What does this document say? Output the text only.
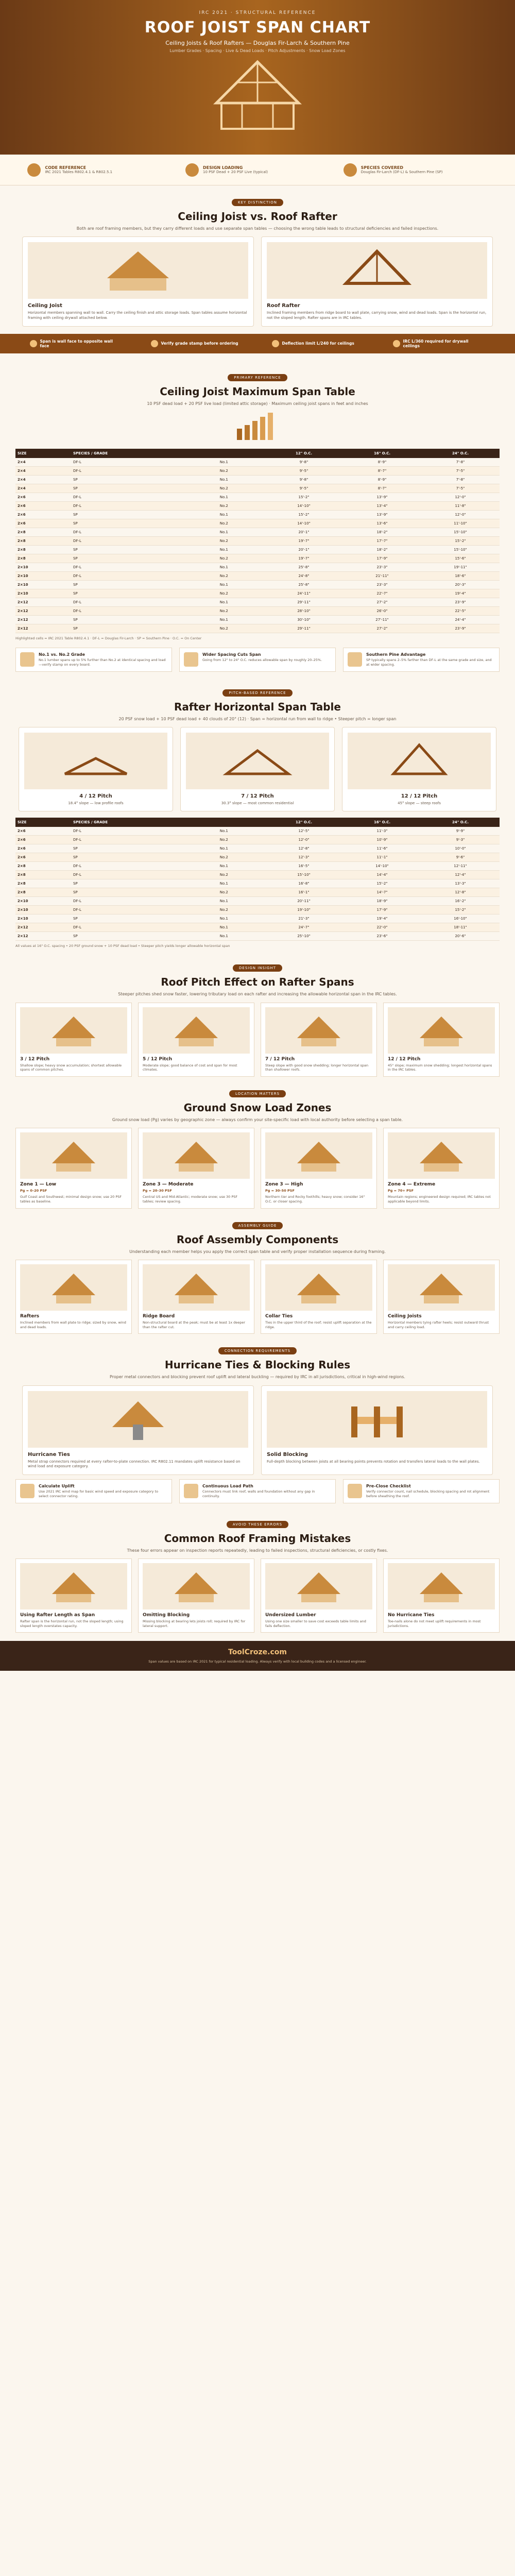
IRC 2021 · STRUCTURAL REFERENCE
ROOF JOIST SPAN CHART
Ceiling Joists & Roof Rafters — Douglas Fir-Larch & Southern Pine
Lumber Grades · Spacing · Live & Dead Loads · Pitch Adjustments · Snow Load Zones
CODE REFERENCE
IRC 2021 Tables R802.4.1 & R802.5.1
DESIGN LOADING
10 PSF Dead + 20 PSF Live (typical)
SPECIES COVERED
Douglas Fir-Larch (DF-L) & Southern Pine (SP)
KEY DISTINCTION
Ceiling Joist vs. Roof Rafter

Both are roof framing members, but they carry different loads and use separate span tables — choosing the wrong table leads to structural deficiencies and failed inspections.

Ceiling Joist

Horizontal members spanning wall to wall. Carry the ceiling finish and attic storage loads. Span tables assume horizontal framing with ceiling drywall attached below.

Roof Rafter

Inclined framing members from ridge board to wall plate, carrying snow, wind and dead loads. Span is the horizontal run, not the sloped length. Rafter spans are in IRC tables.

Span is wall face to opposite wall face	Verify grade stamp before ordering	Deflection limit L/240 for ceilings	IRC L/360 required for drywall ceilings
PRIMARY REFERENCE
Ceiling Joist Maximum Span Table

10 PSF dead load + 20 PSF live load (limited attic storage) · Maximum ceiling joist spans in feet and inches

SIZE	SPECIES / GRADE		12" O.C.	16" O.C.	24" O.C.
2×4	DF-L	No.1	9'-8"	8'-9"	7'-8"
2×4	DF-L	No.2	9'-5"	8'-7"	7'-5"
2×4	SP	No.1	9'-8"	8'-9"	7'-8"
2×4	SP	No.2	9'-5"	8'-7"	7'-5"
2×6	DF-L	No.1	15'-2"	13'-9"	12'-0"
2×6	DF-L	No.2	14'-10"	13'-4"	11'-8"
2×6	SP	No.1	15'-2"	13'-9"	12'-0"
2×6	SP	No.2	14'-10"	13'-6"	11'-10"
2×8	DF-L	No.1	20'-1"	18'-2"	15'-10"
2×8	DF-L	No.2	19'-7"	17'-7"	15'-2"
2×8	SP	No.1	20'-1"	18'-2"	15'-10"
2×8	SP	No.2	19'-7"	17'-9"	15'-6"
2×10	DF-L	No.1	25'-8"	23'-3"	19'-11"
2×10	DF-L	No.2	24'-8"	21'-11"	18'-6"
2×10	SP	No.1	25'-8"	23'-3"	20'-3"
2×10	SP	No.2	24'-11"	22'-7"	19'-4"
2×12	DF-L	No.1	29'-11"	27'-2"	23'-9"
2×12	DF-L	No.2	28'-10"	26'-0"	22'-5"
2×12	SP	No.1	30'-10"	27'-11"	24'-4"
2×12	SP	No.2	29'-11"	27'-2"	23'-9"
Highlighted cells = IRC 2021 Table R802.4.1 · DF-L = Douglas Fir-Larch · SP = Southern Pine · O.C. = On Center
No.1 vs. No.2 Grade

No.1 lumber spans up to 5% further than No.2 at identical spacing and load—verify stamp on every board.

Wider Spacing Cuts Span

Going from 12" to 24" O.C. reduces allowable span by roughly 20–25%.

Southern Pine Advantage

SP typically spans 2–5% farther than DF-L at the same grade and size, and at wider spacing.

PITCH-BASED REFERENCE
Rafter Horizontal Span Table

20 PSF snow load + 10 PSF dead load + 40 clouds of 20° (12) · Span = horizontal run from wall to ridge • Steeper pitch = longer span

4 / 12 Pitch

18.4° slope — low profile roofs

7 / 12 Pitch

30.3° slope — most common residential

12 / 12 Pitch

45° slope — steep roofs

SIZE	SPECIES / GRADE		12" O.C.	16" O.C.	24" O.C.
2×6	DF-L	No.1	12'-5"	11'-3"	9'-9"
2×6	DF-L	No.2	12'-0"	10'-9"	9'-3"
2×6	SP	No.1	12'-8"	11'-6"	10'-0"
2×6	SP	No.2	12'-3"	11'-1"	9'-6"
2×8	DF-L	No.1	16'-5"	14'-10"	12'-11"
2×8	DF-L	No.2	15'-10"	14'-4"	12'-4"
2×8	SP	No.1	16'-8"	15'-2"	13'-3"
2×8	SP	No.2	16'-1"	14'-7"	12'-8"
2×10	DF-L	No.1	20'-11"	18'-9"	16'-2"
2×10	DF-L	No.2	19'-10"	17'-9"	15'-2"
2×10	SP	No.1	21'-3"	19'-4"	16'-10"
2×12	DF-L	No.1	24'-7"	22'-0"	18'-11"
2×12	SP	No.1	25'-10"	23'-6"	20'-6"
All values at 16" O.C. spacing • 20 PSF ground snow + 10 PSF dead load • Steeper pitch yields longer allowable horizontal span
DESIGN INSIGHT
Roof Pitch Effect on Rafter Spans

Steeper pitches shed snow faster, lowering tributary load on each rafter and increasing the allowable horizontal span in the IRC tables.

3 / 12 Pitch

Shallow slope; heavy snow accumulation; shortest allowable spans of common pitches.

5 / 12 Pitch

Moderate slope; good balance of cost and span for most climates.

7 / 12 Pitch

Steep slope with good snow shedding; longer horizontal span than shallower roofs.

12 / 12 Pitch

45° slope; maximum snow shedding; longest horizontal spans in the IRC tables.

LOCATION MATTERS
Ground Snow Load Zones

Ground snow load (Pg) varies by geographic zone — always confirm your site-specific load with local authority before selecting a span table.

Zone 1 — Low

Pg = 0–20 PSF

Gulf Coast and Southwest; minimal design snow; use 20 PSF tables as baseline.

Zone 3 — Moderate

Pg = 20–30 PSF

Central US and Mid-Atlantic; moderate snow; use 30 PSF tables; review spacing.

Zone 3 — High

Pg = 30–50 PSF

Northern tier and Rocky foothills; heavy snow; consider 16" O.C. or closer spacing.

Zone 4 — Extreme

Pg = 70+ PSF

Mountain regions; engineered design required; IRC tables not applicable beyond limits.

ASSEMBLY GUIDE
Roof Assembly Components

Understanding each member helps you apply the correct span table and verify proper installation sequence during framing.

Rafters

Inclined members from wall plate to ridge; sized by snow, wind and dead loads.

Ridge Board

Non-structural board at the peak; must be at least 1x deeper than the rafter cut.

Collar Ties

Ties in the upper third of the roof; resist uplift separation at the ridge.

Ceiling Joists

Horizontal members tying rafter heels; resist outward thrust and carry ceiling load.

CONNECTION REQUIREMENTS
Hurricane Ties & Blocking Rules

Proper metal connectors and blocking prevent roof uplift and lateral buckling — required by IRC in all jurisdictions, critical in high-wind regions.

Hurricane Ties

Metal strap connectors required at every rafter-to-plate connection. IRC R802.11 mandates uplift resistance based on wind load and exposure category.

Solid Blocking

Full-depth blocking between joists at all bearing points prevents rotation and transfers lateral loads to the wall plates.

Calculate Uplift

Use 2021 IRC wind map for basic wind speed and exposure category to select connector rating.

Continuous Load Path

Connectors must link roof, walls and foundation without any gap in continuity.

Pre-Close Checklist

Verify connector count, nail schedule, blocking spacing and rot alignment before sheathing the roof.

AVOID THESE ERRORS
Common Roof Framing Mistakes

These four errors appear on inspection reports repeatedly, leading to failed inspections, structural deficiencies, or costly fixes.

Using Rafter Length as Span

Rafter span is the horizontal run, not the sloped length; using sloped length overstates capacity.

Omitting Blocking

Missing blocking at bearing lets joists roll; required by IRC for lateral support.

Undersized Lumber

Using one size smaller to save cost exceeds table limits and fails deflection.

No Hurricane Ties

Toe-nails alone do not meet uplift requirements in most jurisdictions.

ToolCroze.com
Span values are based on IRC 2021 for typical residential loading. Always verify with local building codes and a licensed engineer.
